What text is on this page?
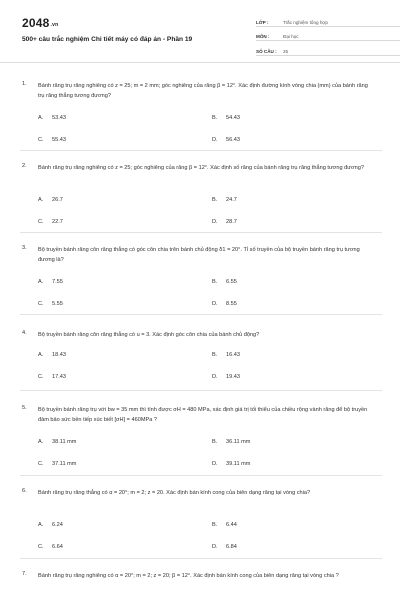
2048.vn
500+ câu trắc nghiệm Chi tiết máy có đáp án - Phần 19
LỚP :	Trắc nghiệm tổng hợp
MÔN :	Đại học
SỐ CÂU :	25
1. Bánh răng trụ răng nghiêng có z = 25; m = 2 mm; góc nghiêng của răng β = 12°. Xác định đường kính vòng chia (mm) của bánh răng trụ răng thẳng tương đương?
A. 53.43	B. 54.43
C. 55.43	D. 56.43
2. Bánh răng trụ răng nghiêng có z = 25; góc nghiêng của răng β = 12°. Xác định số răng của bánh răng trụ răng thẳng tương đương?
A. 26.7	B. 24.7
C. 22.7	D. 28.7
3. Bộ truyền bánh răng côn răng thẳng có góc côn chia trên bánh chủ động δ1 = 20°. Tỉ số truyền của bộ truyền bánh răng trụ tương đương là?
A. 7.55	B. 6.55
C. 5.55	D. 8.55
4. Bộ truyền bánh răng côn răng thẳng có u = 3. Xác định góc côn chia của bánh chủ động?
A. 18.43	B. 16.43
C. 17.43	D. 19.43
5. Bộ truyền bánh răng trụ với bw = 35 mm thì tính được σH = 480 MPa, xác định giá trị tối thiểu của chiều rộng vành răng để bộ truyền đảm bảo sức bền tiếp xúc biết [σH] = 460MPa ?
A. 38.11 mm	B. 36.11 mm
C. 37.11 mm	D. 39.11 mm
6. Bánh răng trụ răng thẳng có α = 20°; m = 2; z = 20. Xác định bán kính cong của biên dạng răng tại vòng chia?
A. 6.24	B. 6.44
C. 6.64	D. 6.84
7. Bánh răng trụ răng nghiêng có α = 20°; m = 2; z = 20; β = 12°. Xác định bán kính cong của biên dạng răng tại vòng chia ?
